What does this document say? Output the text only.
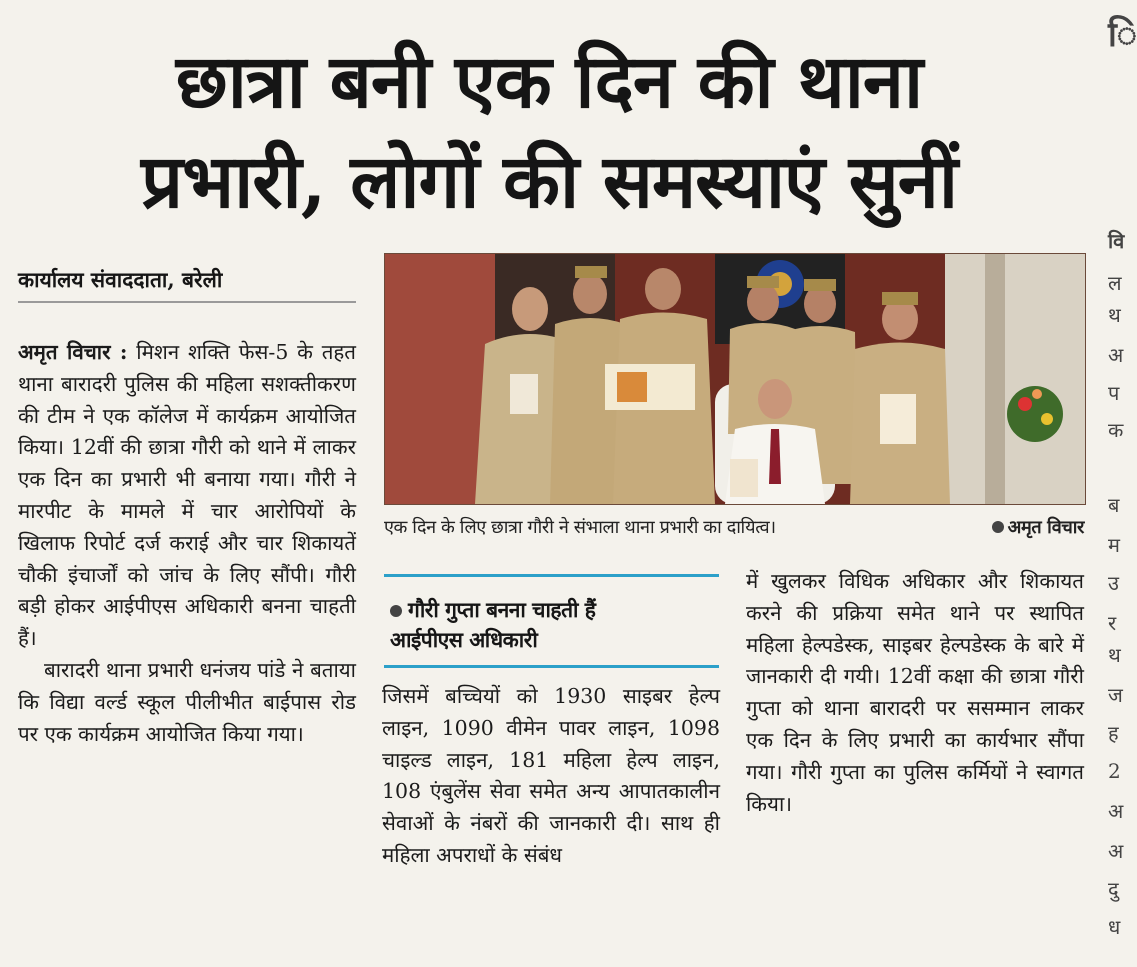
छात्रा बनी एक दिन की थाना
प्रभारी, लोगों की समस्याएं सुनीं
कार्यालय संवाददाता, बरेली

अमृत विचार : मिशन शक्ति फेस-5 के तहत थाना बारादरी पुलिस की महिला सशक्तीकरण की टीम ने एक कॉलेज में कार्यक्रम आयोजित किया। 12वीं की छात्रा गौरी को थाने में लाकर एक दिन का प्रभारी भी बनाया गया। गौरी ने मारपीट के मामले में चार आरोपियों के खिलाफ रिपोर्ट दर्ज कराई और चार शिकायतें चौकी इंचार्जों को जांच के लिए सौंपी। गौरी बड़ी होकर आईपीएस अधिकारी बनना चाहती हैं।

बारादरी थाना प्रभारी धनंजय पांडे ने बताया कि विद्या वर्ल्ड स्कूल पीलीभीत बाईपास रोड पर एक कार्यक्रम आयोजित किया गया।

एक दिन के लिए छात्रा गौरी ने संभाला थाना प्रभारी का दायित्व।	अमृत विचार
गौरी गुप्ता बनना चाहती हैं
आईपीएस अधिकारी

जिसमें बच्चियों को 1930 साइबर हेल्प लाइन, 1090 वीमेन पावर लाइन, 1098 चाइल्ड लाइन, 181 महिला हेल्प लाइन, 108 एंबुलेंस सेवा समेत अन्य आपातकालीन सेवाओं के नंबरों की जानकारी दी। साथ ही महिला अपराधों के संबंध

में खुलकर विधिक अधिकार और शिकायत करने की प्रक्रिया समेत थाने पर स्थापित महिला हेल्पडेस्क, साइबर हेल्पडेस्क के बारे में जानकारी दी गयी। 12वीं कक्षा की छात्रा गौरी गुप्ता को थाना बारादरी पर ससम्मान लाकर एक दिन के लिए प्रभारी का कार्यभार सौंपा गया। गौरी गुप्ता का पुलिस कर्मियों ने स्वागत किया।

ि
वि
ल
थ
अ
प
क
ब
म
उ
र
थ
ज
ह
2
अ
अ
दु
ध
